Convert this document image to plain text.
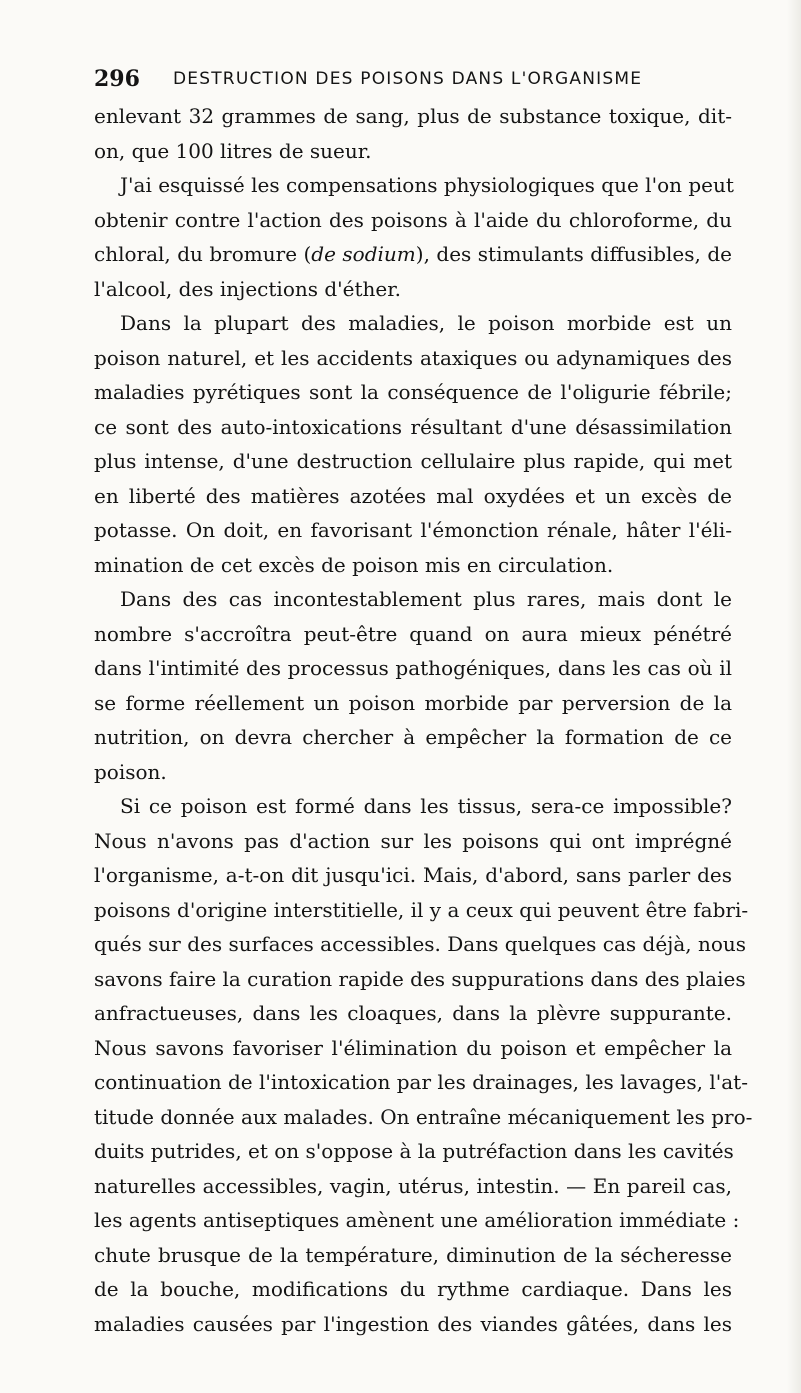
296 DESTRUCTION DES POISONS DANS L'ORGANISME
enlevant 32 grammes de sang, plus de substance toxique, dit-
on, que 100 litres de sueur.
J'ai esquissé les compensations physiologiques que l'on peut
obtenir contre l'action des poisons à l'aide du chloroforme, du
chloral, du bromure (de sodium), des stimulants diffusibles, de
l'alcool, des injections d'éther.
Dans la plupart des maladies, le poison morbide est un
poison naturel, et les accidents ataxiques ou adynamiques des
maladies pyrétiques sont la conséquence de l'oligurie fébrile;
ce sont des auto-intoxications résultant d'une désassimilation
plus intense, d'une destruction cellulaire plus rapide, qui met
en liberté des matières azotées mal oxydées et un excès de
potasse. On doit, en favorisant l'émonction rénale, hâter l'éli-
mination de cet excès de poison mis en circulation.
Dans des cas incontestablement plus rares, mais dont le
nombre s'accroîtra peut-être quand on aura mieux pénétré
dans l'intimité des processus pathogéniques, dans les cas où il
se forme réellement un poison morbide par perversion de la
nutrition, on devra chercher à empêcher la formation de ce
poison.
Si ce poison est formé dans les tissus, sera-ce impossible?
Nous n'avons pas d'action sur les poisons qui ont imprégné
l'organisme, a-t-on dit jusqu'ici. Mais, d'abord, sans parler des
poisons d'origine interstitielle, il y a ceux qui peuvent être fabri-
qués sur des surfaces accessibles. Dans quelques cas déjà, nous
savons faire la curation rapide des suppurations dans des plaies
anfractueuses, dans les cloaques, dans la plèvre suppurante.
Nous savons favoriser l'élimination du poison et empêcher la
continuation de l'intoxication par les drainages, les lavages, l'at-
titude donnée aux malades. On entraîne mécaniquement les pro-
duits putrides, et on s'oppose à la putréfaction dans les cavités
naturelles accessibles, vagin, utérus, intestin. — En pareil cas,
les agents antiseptiques amènent une amélioration immédiate :
chute brusque de la température, diminution de la sécheresse
de la bouche, modifications du rythme cardiaque. Dans les
maladies causées par l'ingestion des viandes gâtées, dans les
